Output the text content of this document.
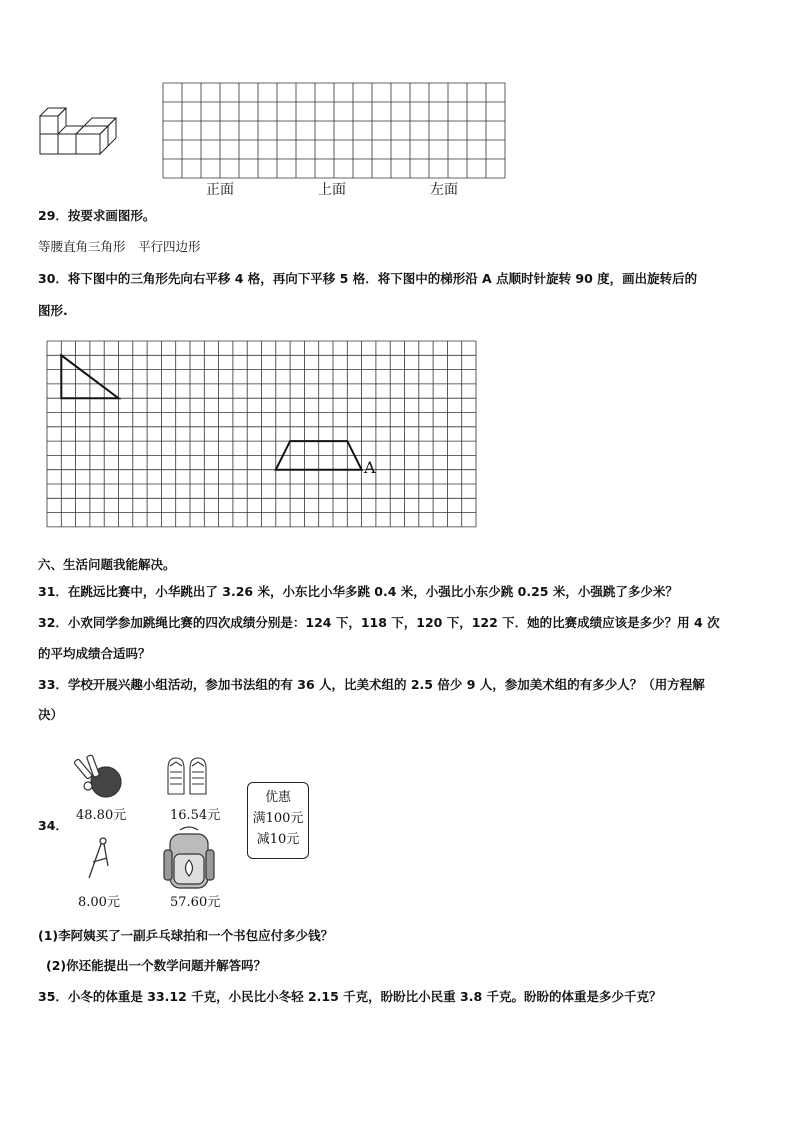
正面	上面	左面
29．按要求画图形。
等腰直角三角形　平行四边形
30．将下图中的三角形先向右平移 4 格，再向下平移 5 格．将下图中的梯形沿 A 点顺时针旋转 90 度，画出旋转后的
图形.
A
六、生活问题我能解决。
31．在跳远比赛中，小华跳出了 3.26 米，小东比小华多跳 0.4 米，小强比小东少跳 0.25 米，小强跳了多少米？
32．小欢同学参加跳绳比赛的四次成绩分别是：124 下，118 下，120 下，122 下．她的比赛成绩应该是多少？用 4 次
的平均成绩合适吗？
33．学校开展兴趣小组活动，参加书法组的有 36 人，比美术组的 2.5 倍少 9 人，参加美术组的有多少人？（用方程解
决）
34．
48.80元	16.54元
8.00元	57.60元
优惠
满100元
减10元
(1)李阿姨买了一副乒乓球拍和一个书包应付多少钱？
(2)你还能提出一个数学问题并解答吗？
35．小冬的体重是 33.12 千克，小民比小冬轻 2.15 千克，盼盼比小民重 3.8 千克。盼盼的体重是多少千克？
